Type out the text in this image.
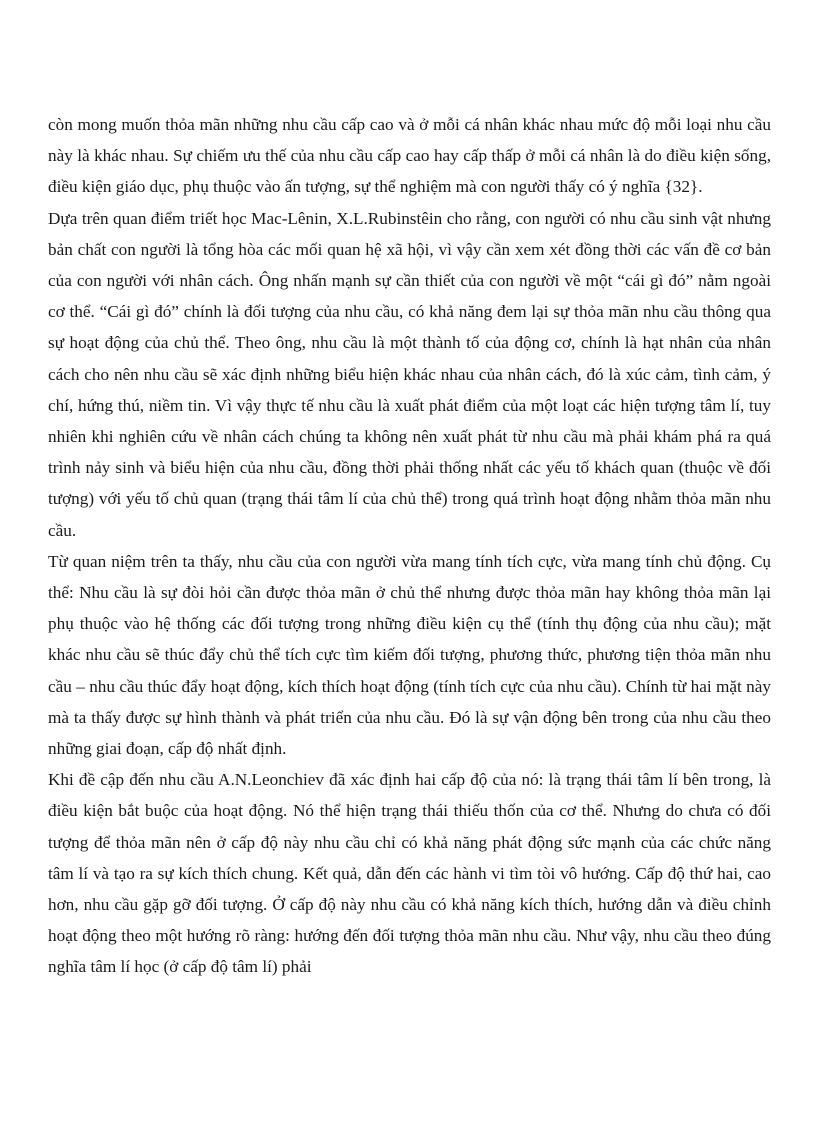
còn mong muốn thỏa mãn những nhu cầu cấp cao và ở mỗi cá nhân khác nhau mức độ mỗi loại nhu cầu này là khác nhau. Sự chiếm ưu thế của nhu cầu cấp cao hay cấp thấp ở mỗi cá nhân là do điều kiện sống, điều kiện giáo dục, phụ thuộc vào ấn tượng, sự thể nghiệm mà con người thấy có ý nghĩa {32}.

Dựa trên quan điểm triết học Mac-Lênin, X.L.Rubinstêin cho rằng, con người có nhu cầu sinh vật nhưng bản chất con người là tổng hòa các mối quan hệ xã hội, vì vậy cần xem xét đồng thời các vấn đề cơ bản của con người với nhân cách. Ông nhấn mạnh sự cần thiết của con người về một “cái gì đó” nằm ngoài cơ thể. “Cái gì đó” chính là đối tượng của nhu cầu, có khả năng đem lại sự thỏa mãn nhu cầu thông qua sự hoạt động của chủ thể. Theo ông, nhu cầu là một thành tố của động cơ, chính là hạt nhân của nhân cách cho nên nhu cầu sẽ xác định những biểu hiện khác nhau của nhân cách, đó là xúc cảm, tình cảm, ý chí, hứng thú, niềm tin. Vì vậy thực tế nhu cầu là xuất phát điểm của một loạt các hiện tượng tâm lí, tuy nhiên khi nghiên cứu về nhân cách chúng ta không nên xuất phát từ nhu cầu mà phải khám phá ra quá trình nảy sinh và biểu hiện của nhu cầu, đồng thời phải thống nhất các yếu tố khách quan (thuộc về đối tượng) với yếu tố chủ quan (trạng thái tâm lí của chủ thể) trong quá trình hoạt động nhằm thỏa mãn nhu cầu.

Từ quan niệm trên ta thấy, nhu cầu của con người vừa mang tính tích cực, vừa mang tính chủ động. Cụ thể: Nhu cầu là sự đòi hỏi cần được thỏa mãn ở chủ thể nhưng được thỏa mãn hay không thỏa mãn lại phụ thuộc vào hệ thống các đối tượng trong những điều kiện cụ thể (tính thụ động của nhu cầu); mặt khác nhu cầu sẽ thúc đẩy chủ thể tích cực tìm kiếm đối tượng, phương thức, phương tiện thỏa mãn nhu cầu – nhu cầu thúc đẩy hoạt động, kích thích hoạt động (tính tích cực của nhu cầu). Chính từ hai mặt này mà ta thấy được sự hình thành và phát triển của nhu cầu. Đó là sự vận động bên trong của nhu cầu theo những giai đoạn, cấp độ nhất định.

Khi đề cập đến nhu cầu A.N.Leonchiev đã xác định hai cấp độ của nó: là trạng thái tâm lí bên trong, là điều kiện bắt buộc của hoạt động. Nó thể hiện trạng thái thiếu thốn của cơ thể. Nhưng do chưa có đối tượng để thỏa mãn nên ở cấp độ này nhu cầu chỉ có khả năng phát động sức mạnh của các chức năng tâm lí và tạo ra sự kích thích chung. Kết quả, dẫn đến các hành vi tìm tòi vô hướng. Cấp độ thứ hai, cao hơn, nhu cầu gặp gỡ đối tượng. Ở cấp độ này nhu cầu có khả năng kích thích, hướng dẫn và điều chỉnh hoạt động theo một hướng rõ ràng: hướng đến đối tượng thỏa mãn nhu cầu. Như vậy, nhu cầu theo đúng nghĩa tâm lí học (ở cấp độ tâm lí) phải
